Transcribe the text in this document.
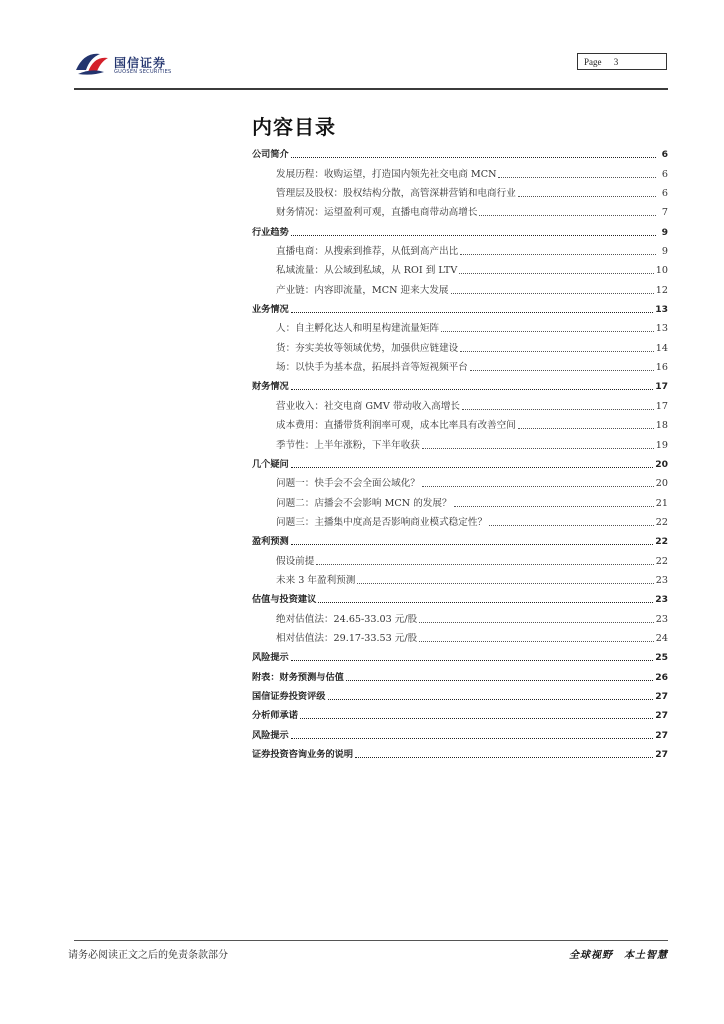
国信证券
GUOSEN SECURITIES
Page 3
内容目录
公司简介	6
发展历程：收购运望，打造国内领先社交电商 MCN	6
管理层及股权：股权结构分散，高管深耕营销和电商行业	6
财务情况：运望盈利可观，直播电商带动高增长	7
行业趋势	9
直播电商：从搜索到推荐，从低到高产出比	9
私域流量：从公域到私域，从 ROI 到 LTV	10
产业链：内容即流量，MCN 迎来大发展	12
业务情况	13
人：自主孵化达人和明星构建流量矩阵	13
货：夯实美妆等领域优势，加强供应链建设	14
场：以快手为基本盘，拓展抖音等短视频平台	16
财务情况	17
营业收入：社交电商 GMV 带动收入高增长	17
成本费用：直播带货利润率可观，成本比率具有改善空间	18
季节性：上半年涨粉，下半年收获	19
几个疑问	20
问题一：快手会不会全面公域化？	20
问题二：店播会不会影响 MCN 的发展？	21
问题三：主播集中度高是否影响商业模式稳定性？	22
盈利预测	22
假设前提	22
未来 3 年盈利预测	23
估值与投资建议	23
绝对估值法：24.65-33.03 元/股	23
相对估值法：29.17-33.53 元/股	24
风险提示	25
附表：财务预测与估值	26
国信证券投资评级	27
分析师承诺	27
风险提示	27
证券投资咨询业务的说明	27
请务必阅读正文之后的免责条款部分	全球视野　本土智慧
